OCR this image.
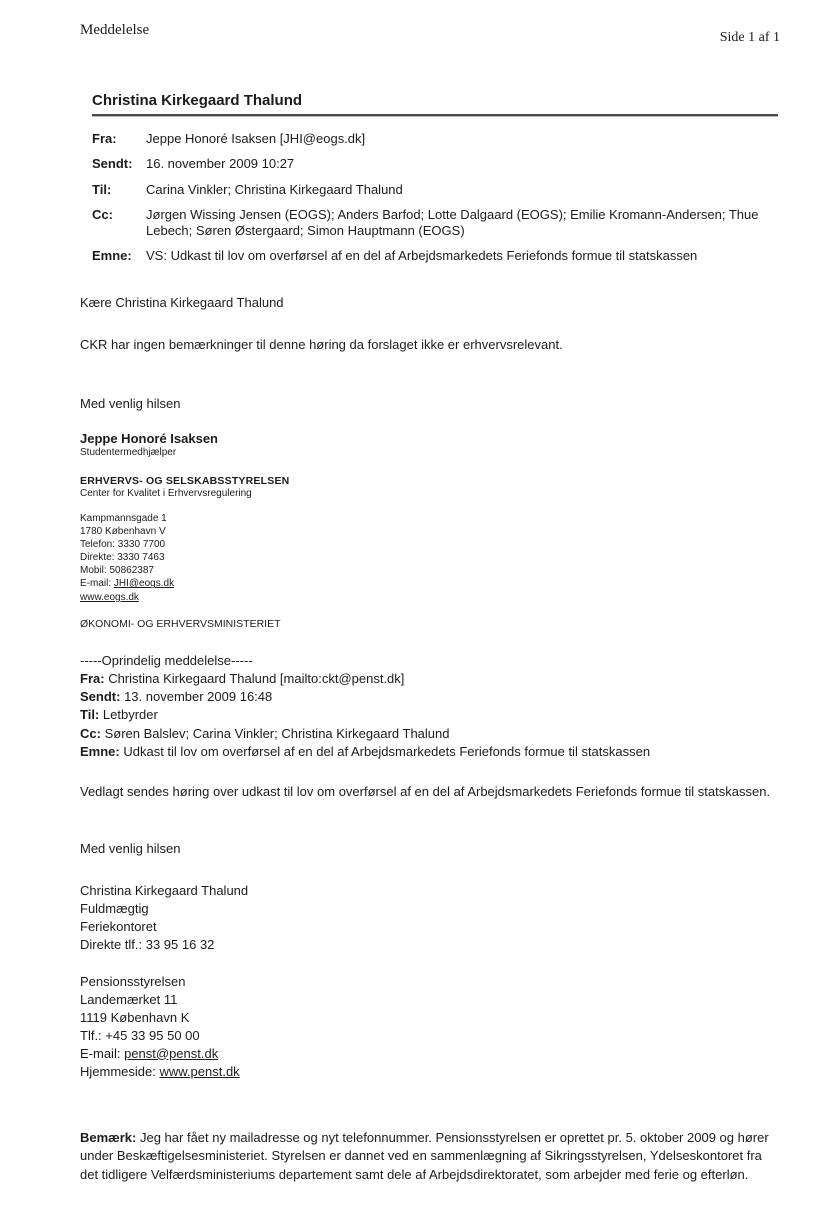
Meddelelse	Side 1 af 1
Christina Kirkegaard Thalund
Fra:	Jeppe Honoré Isaksen [JHI@eogs.dk]
Sendt:	16. november 2009 10:27
Til:	Carina Vinkler; Christina Kirkegaard Thalund
Cc:	Jørgen Wissing Jensen (EOGS); Anders Barfod; Lotte Dalgaard (EOGS); Emilie Kromann-Andersen; Thue Lebech; Søren Østergaard; Simon Hauptmann (EOGS)
Emne:	VS: Udkast til lov om overførsel af en del af Arbejdsmarkedets Feriefonds formue til statskassen
Kære Christina Kirkegaard Thalund
CKR har ingen bemærkninger til denne høring da forslaget ikke er erhvervsrelevant.
Med venlig hilsen
Jeppe Honoré Isaksen
Studentermedhjælper
ERHVERVS- OG SELSKABSSTYRELSEN
Center for Kvalitet i Erhvervsregulering
Kampmannsgade 1
1780 København V
Telefon: 3330 7700
Direkte: 3330 7463
Mobil: 50862387
E-mail: JHI@eogs.dk
www.eogs.dk
ØKONOMI- OG ERHVERVSMINISTERIET
-----Oprindelig meddelelse-----
Fra: Christina Kirkegaard Thalund [mailto:ckt@penst.dk]
Sendt: 13. november 2009 16:48
Til: Letbyrder
Cc: Søren Balslev; Carina Vinkler; Christina Kirkegaard Thalund
Emne: Udkast til lov om overførsel af en del af Arbejdsmarkedets Feriefonds formue til statskassen
Vedlagt sendes høring over udkast til lov om overførsel af en del af Arbejdsmarkedets Feriefonds formue til statskassen.
Med venlig hilsen
Christina Kirkegaard Thalund
Fuldmægtig
Feriekontoret
Direkte tlf.: 33 95 16 32
Pensionsstyrelsen
Landemærket 11
1119 København K
Tlf.: +45 33 95 50 00
E-mail: penst@penst.dk
Hjemmeside: www.penst.dk
Bemærk: Jeg har fået ny mailadresse og nyt telefonnummer. Pensionsstyrelsen er oprettet pr. 5. oktober 2009 og hører under Beskæftigelsesministeriet. Styrelsen er dannet ved en sammenlægning af Sikringsstyrelsen, Ydelseskontoret fra det tidligere Velfærdsministeriums departement samt dele af Arbejdsdirektoratet, som arbejder med ferie og efterløn.
